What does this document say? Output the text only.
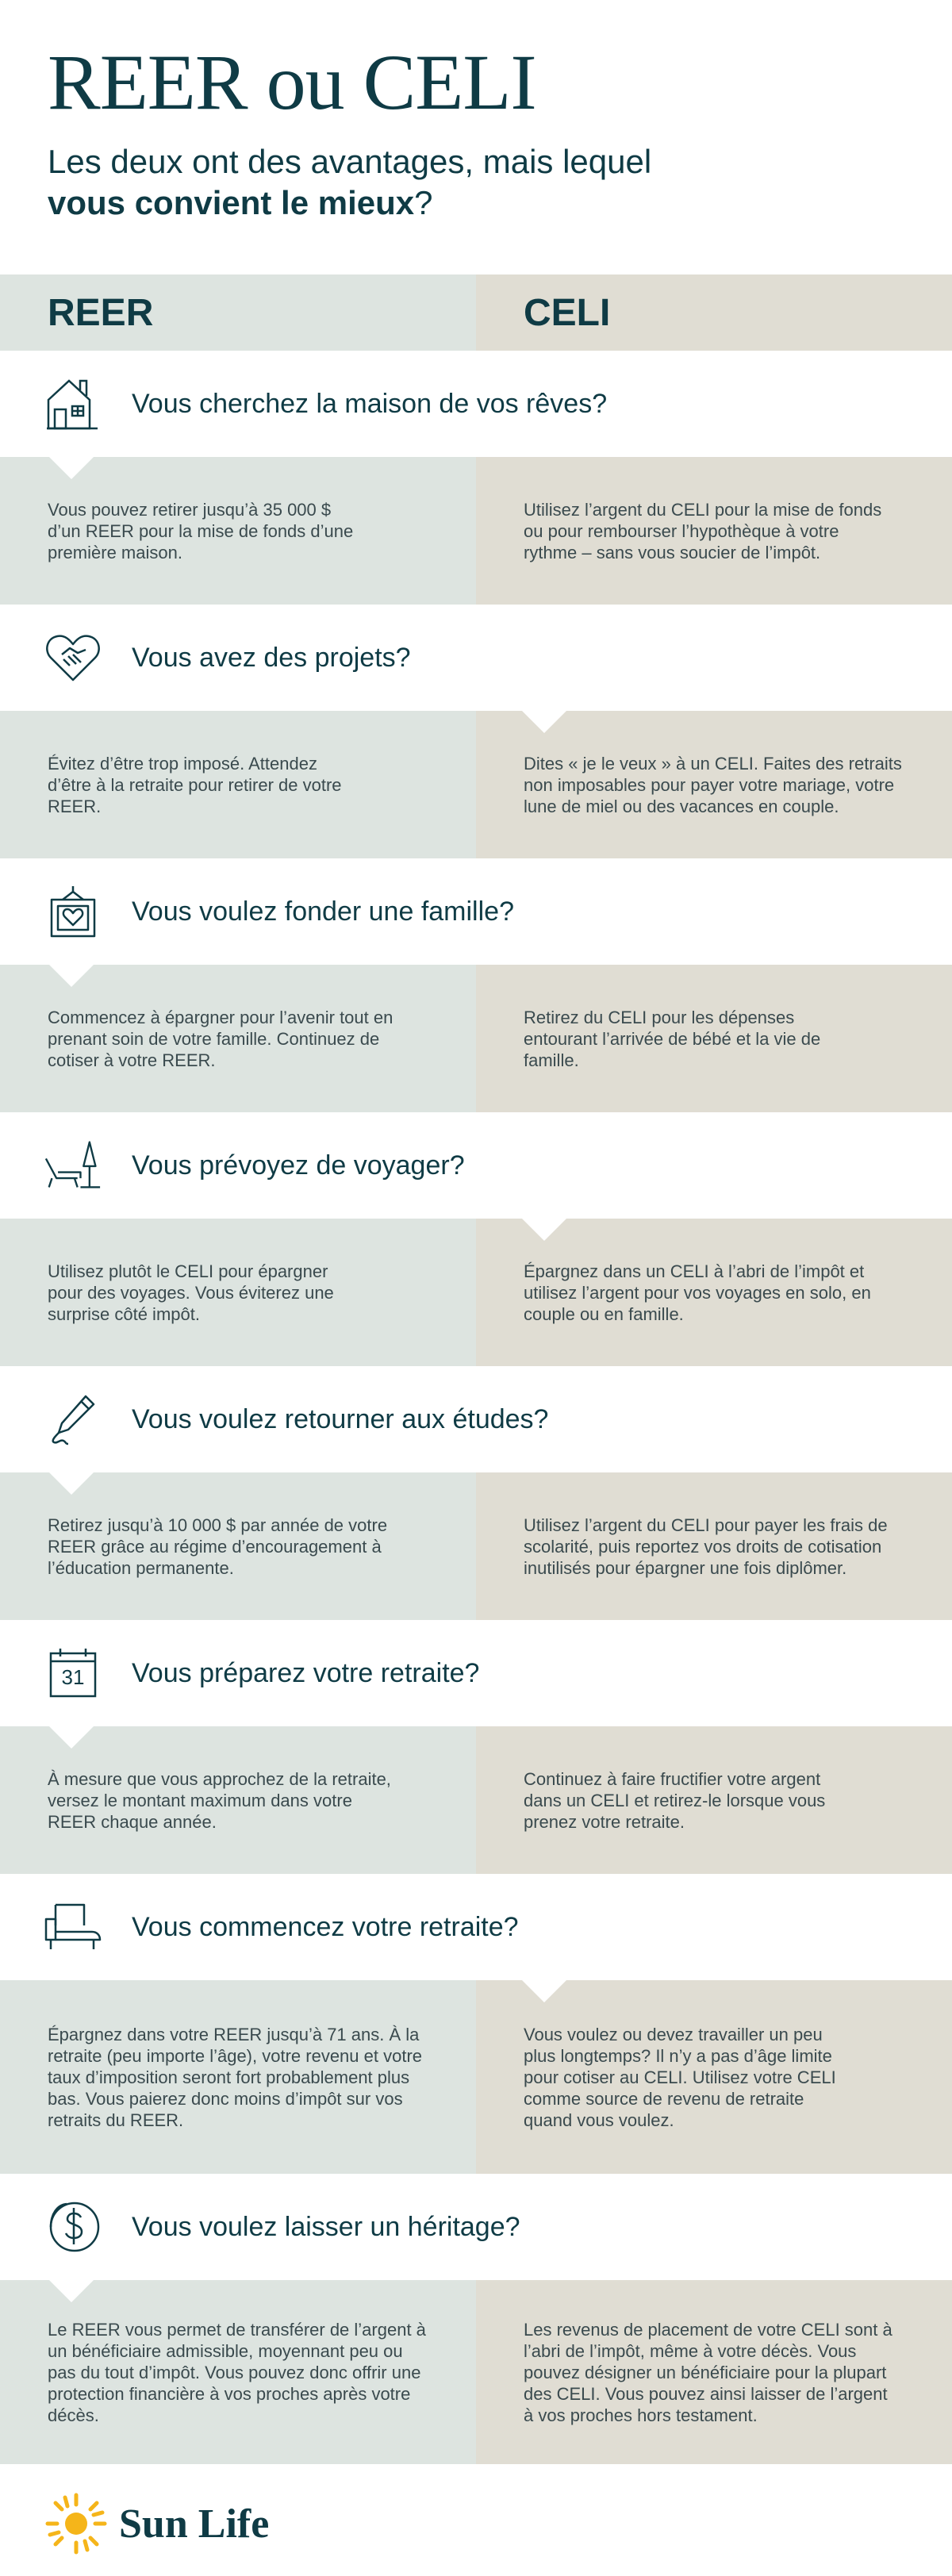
REER ou CELI

Les deux ont des avantages, mais lequel vous convient le mieux?

REER	CELI
Vous cherchez la maison de vos rêves?
Vous pouvez retirer jusqu’à 35 000 $ d’un REER pour la mise de fonds d’une première maison.
Utilisez l’argent du CELI pour la mise de fonds ou pour rembourser l’hypothèque à votre rythme – sans vous soucier de l’impôt.
Vous avez des projets?
Évitez d’être trop imposé. Attendez d’être à la retraite pour retirer de votre REER.
Dites « je le veux » à un CELI. Faites des retraits non imposables pour payer votre mariage, votre lune de miel ou des vacances en couple.
Vous voulez fonder une famille?
Commencez à épargner pour l’avenir tout en prenant soin de votre famille. Continuez de cotiser à votre REER.
Retirez du CELI pour les dépenses entourant l’arrivée de bébé et la vie de famille.
Vous prévoyez de voyager?
Utilisez plutôt le CELI pour épargner pour des voyages. Vous éviterez une surprise côté impôt.
Épargnez dans un CELI à l’abri de l’impôt et utilisez l’argent pour vos voyages en solo, en couple ou en famille.
Vous voulez retourner aux études?
Retirez jusqu’à 10 000 $ par année de votre REER grâce au régime d’encouragement à l’éducation permanente.
Utilisez l’argent du CELI pour payer les frais de scolarité, puis reportez vos droits de cotisation inutilisés pour épargner une fois diplômer.
31	Vous préparez votre retraite?
À mesure que vous approchez de la retraite, versez le montant maximum dans votre REER chaque année.
Continuez à faire fructifier votre argent dans un CELI et retirez-le lorsque vous prenez votre retraite.
Vous commencez votre retraite?
Épargnez dans votre REER jusqu’à 71 ans. À la retraite (peu importe l’âge), votre revenu et votre taux d’imposition seront fort probablement plus bas. Vous paierez donc moins d’impôt sur vos retraits du REER.
Vous voulez ou devez travailler un peu plus longtemps? Il n’y a pas d’âge limite pour cotiser au CELI. Utilisez votre CELI comme source de revenu de retraite quand vous voulez.
Vous voulez laisser un héritage?
Le REER vous permet de transférer de l’argent à un bénéficiaire admissible, moyennant peu ou pas du tout d’impôt. Vous pouvez donc offrir une protection financière à vos proches après votre décès.
Les revenus de placement de votre CELI sont à l’abri de l’impôt, même à votre décès. Vous pouvez désigner un bénéficiaire pour la plupart des CELI. Vous pouvez ainsi laisser de l’argent à vos proches hors testament.
Sun Life
